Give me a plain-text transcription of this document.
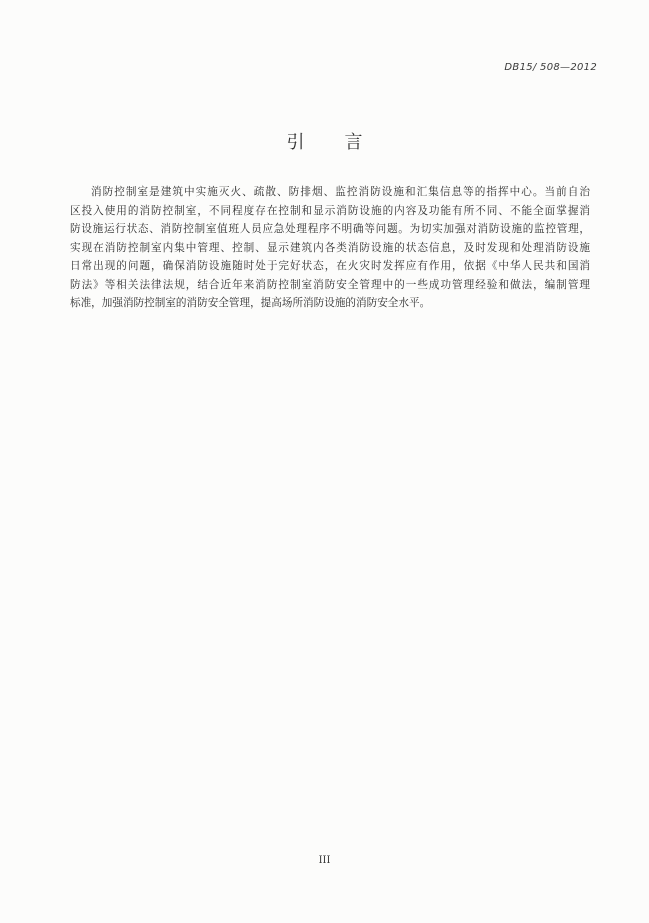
DB15/ 508—2012
引 言
消防控制室是建筑中实施灭火、疏散、防排烟、监控消防设施和汇集信息等的指挥中心。当前自治
区投入使用的消防控制室，不同程度存在控制和显示消防设施的内容及功能有所不同、不能全面掌握消
防设施运行状态、消防控制室值班人员应急处理程序不明确等问题。为切实加强对消防设施的监控管理，
实现在消防控制室内集中管理、控制、显示建筑内各类消防设施的状态信息，及时发现和处理消防设施
日常出现的问题，确保消防设施随时处于完好状态，在火灾时发挥应有作用，依据《中华人民共和国消
防法》等相关法律法规，结合近年来消防控制室消防安全管理中的一些成功管理经验和做法，编制管理
标准，加强消防控制室的消防安全管理，提高场所消防设施的消防安全水平。
III
